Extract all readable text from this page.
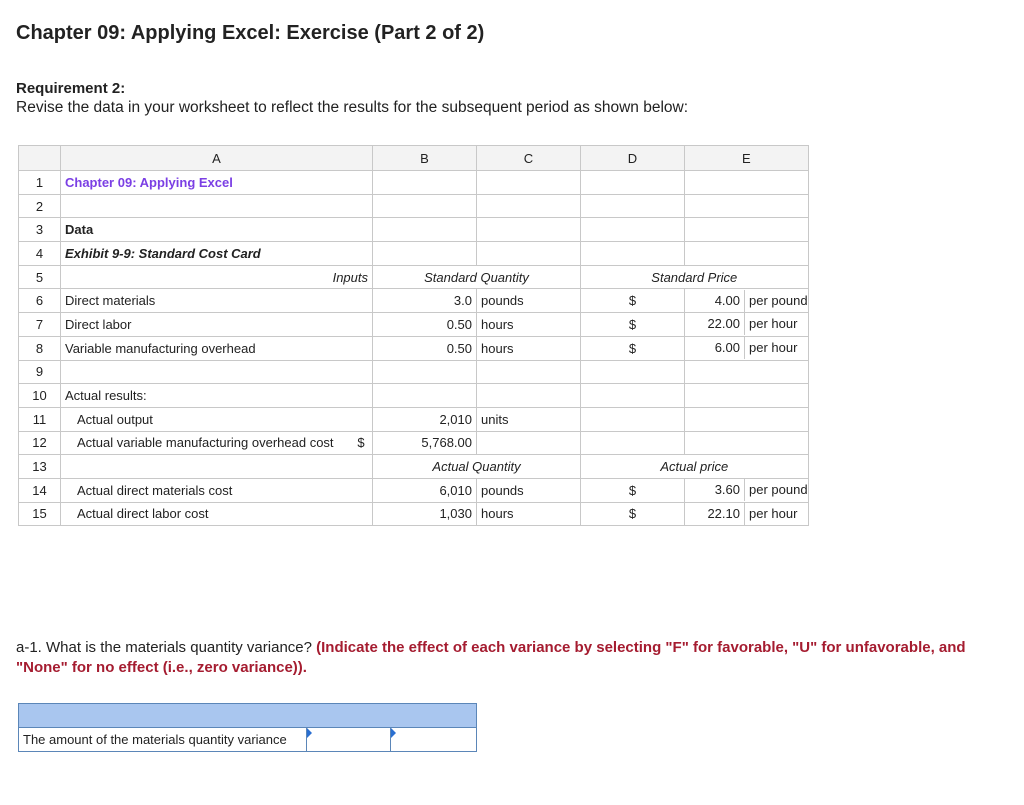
Chapter 09: Applying Excel: Exercise (Part 2 of 2)
Requirement 2:
Revise the data in your worksheet to reflect the results for the subsequent period as shown below:
	A	B	C	D	E
1	Chapter 09: Applying Excel				
2					
3	Data				
4	Exhibit 9-9: Standard Cost Card				
5	Inputs	Standard Quantity		Standard Price	
6	Direct materials	3.0	pounds	$	4.00 per pound
7	Direct labor	0.50	hours	$	22.00 per hour
8	Variable manufacturing overhead	0.50	hours	$	6.00 per hour
9					
10	Actual results:				
11	Actual output	2,010	units		
12	Actual variable manufacturing overhead cost $	5,768.00			
13		Actual Quantity		Actual price	
14	Actual direct materials cost	6,010	pounds	$	3.60 per pound
15	Actual direct labor cost	1,030	hours	$	22.10 per hour
a-1. What is the materials quantity variance? (Indicate the effect of each variance by selecting "F" for favorable, "U" for unfavorable, and "None" for no effect (i.e., zero variance)).

The amount of the materials quantity variance		
